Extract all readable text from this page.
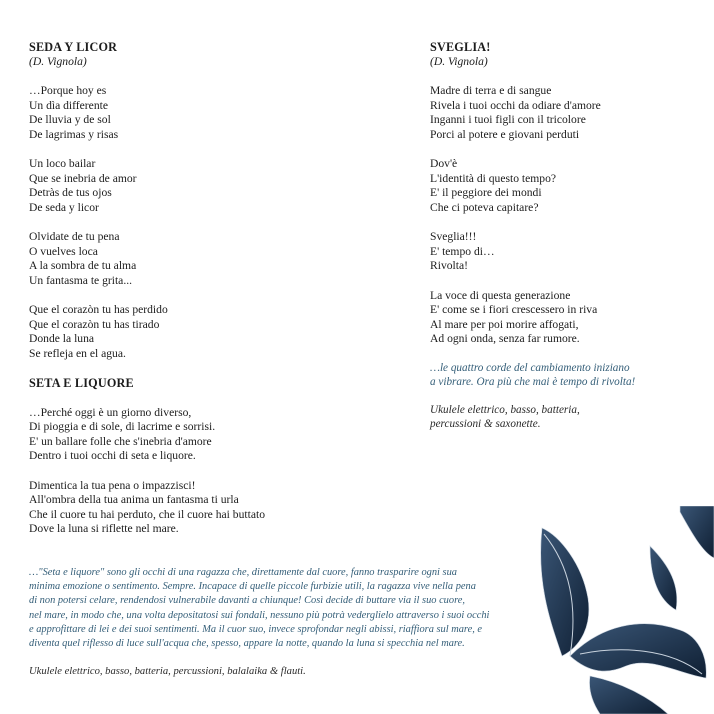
SEDA Y LICOR
(D. Vignola)
…Porque hoy es
Un dìa differente
De lluvia y de sol
De lagrimas y risas
Un loco bailar
Que se inebria de amor
Detràs de tus ojos
De seda y licor
Olvidate de tu pena
O vuelves loca
A la sombra de tu alma
Un fantasma te grita...
Que el corazòn tu has perdido
Que el corazòn tu has tirado
Donde la luna
Se refleja en el agua.
SETA E LIQUORE
…Perché oggi è un giorno diverso,
Di pioggia e di sole, di lacrime e sorrisi.
E' un ballare folle che s'inebria d'amore
Dentro i tuoi occhi di seta e liquore.
Dimentica la tua pena o impazzisci!
All'ombra della tua anima un fantasma ti urla
Che il cuore tu hai perduto, che il cuore hai buttato
Dove la luna si riflette nel mare.
SVEGLIA!
(D. Vignola)
Madre di terra e di sangue
Rivela i tuoi occhi da odiare d'amore
Inganni i tuoi figli con il tricolore
Porci al potere e giovani perduti
Dov'è
L'identità di questo tempo?
E' il peggiore dei mondi
Che ci poteva capitare?
Sveglia!!!
E' tempo di…
Rivolta!
La voce di questa generazione
E' come se i fiori crescessero in riva
Al mare per poi morire affogati,
Ad ogni onda, senza far rumore.
…le quattro corde del cambiamento iniziano
a vibrare. Ora più che mai è tempo di rivolta!
Ukulele elettrico, basso, batteria,
percussioni & saxonette.
…"Seta e liquore" sono gli occhi di una ragazza che, direttamente dal cuore, fanno trasparire ogni sua
minima emozione o sentimento. Sempre. Incapace di quelle piccole furbizie utili, la ragazza vive nella pena
di non potersi celare, rendendosi vulnerabile davanti a chiunque! Così decide di buttare via il suo cuore,
nel mare, in modo che, una volta depositatosi sui fondali, nessuno più potrà vederglielo attraverso i suoi occhi
e approfittare di lei e dei suoi sentimenti. Ma il cuor suo, invece sprofondar negli abissi, riaffiora sul mare, e
diventa quel riflesso di luce sull'acqua che, spesso, appare la notte, quando la luna si specchia nel mare.
Ukulele elettrico, basso, batteria, percussioni, balalaika & flauti.
